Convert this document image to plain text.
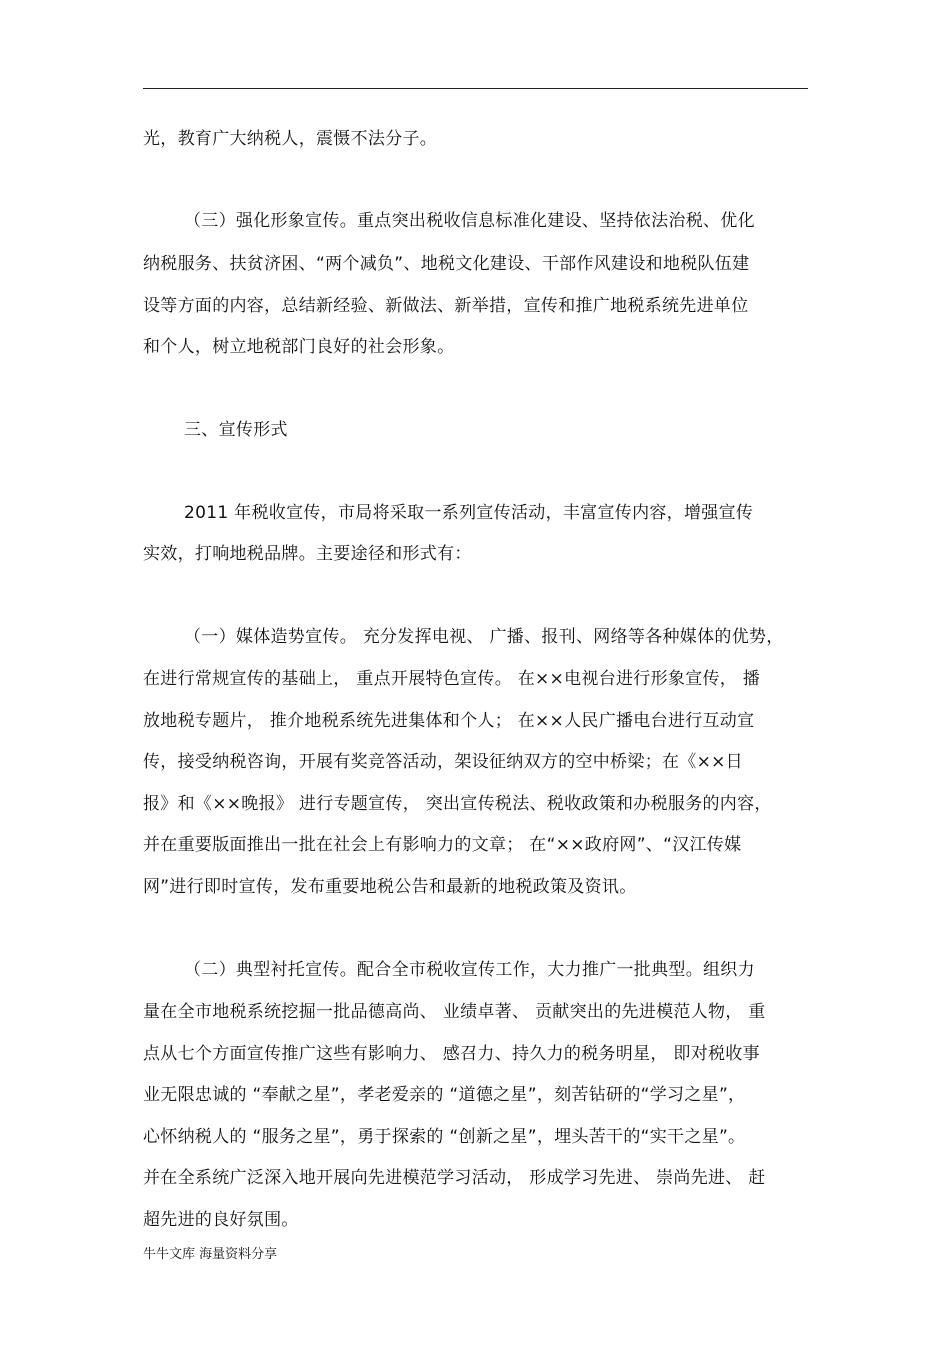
光，教育广大纳税人，震慑不法分子。
（三）强化形象宣传。重点突出税收信息标准化建设、坚持依法治税、优化
纳税服务、扶贫济困、“两个减负”、地税文化建设、干部作风建设和地税队伍建
设等方面的内容，总结新经验、新做法、新举措，宣传和推广地税系统先进单位
和个人，树立地税部门良好的社会形象。
三、宣传形式
2011 年税收宣传，市局将采取一系列宣传活动，丰富宣传内容，增强宣传
实效，打响地税品牌。主要途径和形式有：
（一）媒体造势宣传。 充分发挥电视、 广播、报刊、网络等各种媒体的优势，
在进行常规宣传的基础上， 重点开展特色宣传。 在××电视台进行形象宣传， 播
放地税专题片， 推介地税系统先进集体和个人； 在××人民广播电台进行互动宣
传，接受纳税咨询，开展有奖竞答活动，架设征纳双方的空中桥梁；在《××日
报》和《××晚报》 进行专题宣传， 突出宣传税法、税收政策和办税服务的内容，
并在重要版面推出一批在社会上有影响力的文章； 在“××政府网”、“汉江传媒
网”进行即时宣传，发布重要地税公告和最新的地税政策及资讯。
（二）典型衬托宣传。配合全市税收宣传工作，大力推广一批典型。组织力
量在全市地税系统挖掘一批品德高尚、 业绩卓著、 贡献突出的先进模范人物， 重
点从七个方面宣传推广这些有影响力、 感召力、持久力的税务明星， 即对税收事
业无限忠诚的 “奉献之星”，孝老爱亲的 “道德之星”，刻苦钻研的“学习之星”，
心怀纳税人的 “服务之星”，勇于探索的 “创新之星”，埋头苦干的“实干之星”。
并在全系统广泛深入地开展向先进模范学习活动， 形成学习先进、 崇尚先进、 赶
超先进的良好氛围。
牛牛文库 海量资料分享
